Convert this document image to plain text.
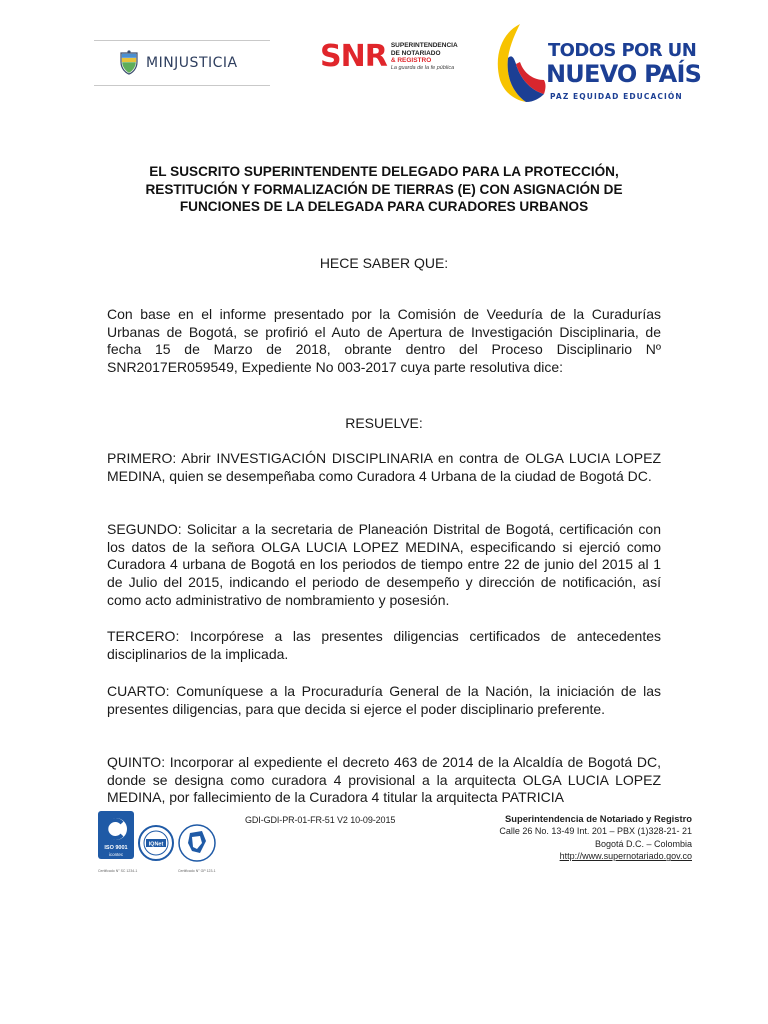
MINJUSTICIA	SNR SUPERINTENDENCIA
DE NOTARIADO
& REGISTRO
La guarda de la fe pública
TODOS POR UN
NUEVO PAÍS
PAZ EQUIDAD EDUCACIÓN
EL SUSCRITO SUPERINTENDENTE DELEGADO PARA LA PROTECCIÓN,
RESTITUCIÓN Y FORMALIZACIÓN DE TIERRAS (E) CON ASIGNACIÓN DE
FUNCIONES DE LA DELEGADA PARA CURADORES URBANOS
HECE SABER QUE:
Con base en el informe presentado por la Comisión de Veeduría de la Curadurías Urbanas de Bogotá, se profirió el Auto de Apertura de Investigación Disciplinaria, de fecha 15 de Marzo de 2018, obrante dentro del Proceso Disciplinario Nº SNR2017ER059549, Expediente No 003-2017 cuya parte resolutiva dice:
RESUELVE:
PRIMERO: Abrir INVESTIGACIÓN DISCIPLINARIA en contra de OLGA LUCIA LOPEZ MEDINA, quien se desempeñaba como Curadora 4 Urbana de la ciudad de Bogotá DC.
SEGUNDO: Solicitar a la secretaria de Planeación Distrital de Bogotá, certificación con los datos de la señora OLGA LUCIA LOPEZ MEDINA, especificando si ejerció como Curadora 4 urbana de Bogotá en los periodos de tiempo entre 22 de junio del 2015 al 1 de Julio del 2015, indicando el periodo de desempeño y dirección de notificación, así como acto administrativo de nombramiento y posesión.
TERCERO: Incorpórese a las presentes diligencias certificados de antecedentes disciplinarios de la implicada.
CUARTO: Comuníquese a la Procuraduría General de la Nación, la iniciación de las presentes diligencias, para que decida si ejerce el poder disciplinario preferente.
QUINTO: Incorporar al expediente el decreto 463 de 2014 de la Alcaldía de Bogotá DC, donde se designa como curadora 4 provisional a la arquitecta OLGA LUCIA LOPEZ MEDINA, por fallecimiento de la Curadora 4 titular la arquitecta PATRICIA
ISO 9001
icontec
IQNet
Certificado N° SC 1234-1	Certificado N° GP 123-1
GDI-GDI-PR-01-FR-51 V2 10-09-2015	Superintendencia de Notariado y Registro
Calle 26 No. 13-49 Int. 201 – PBX (1)328-21- 21
Bogotá D.C. – Colombia
http://www.supernotariado.gov.co
